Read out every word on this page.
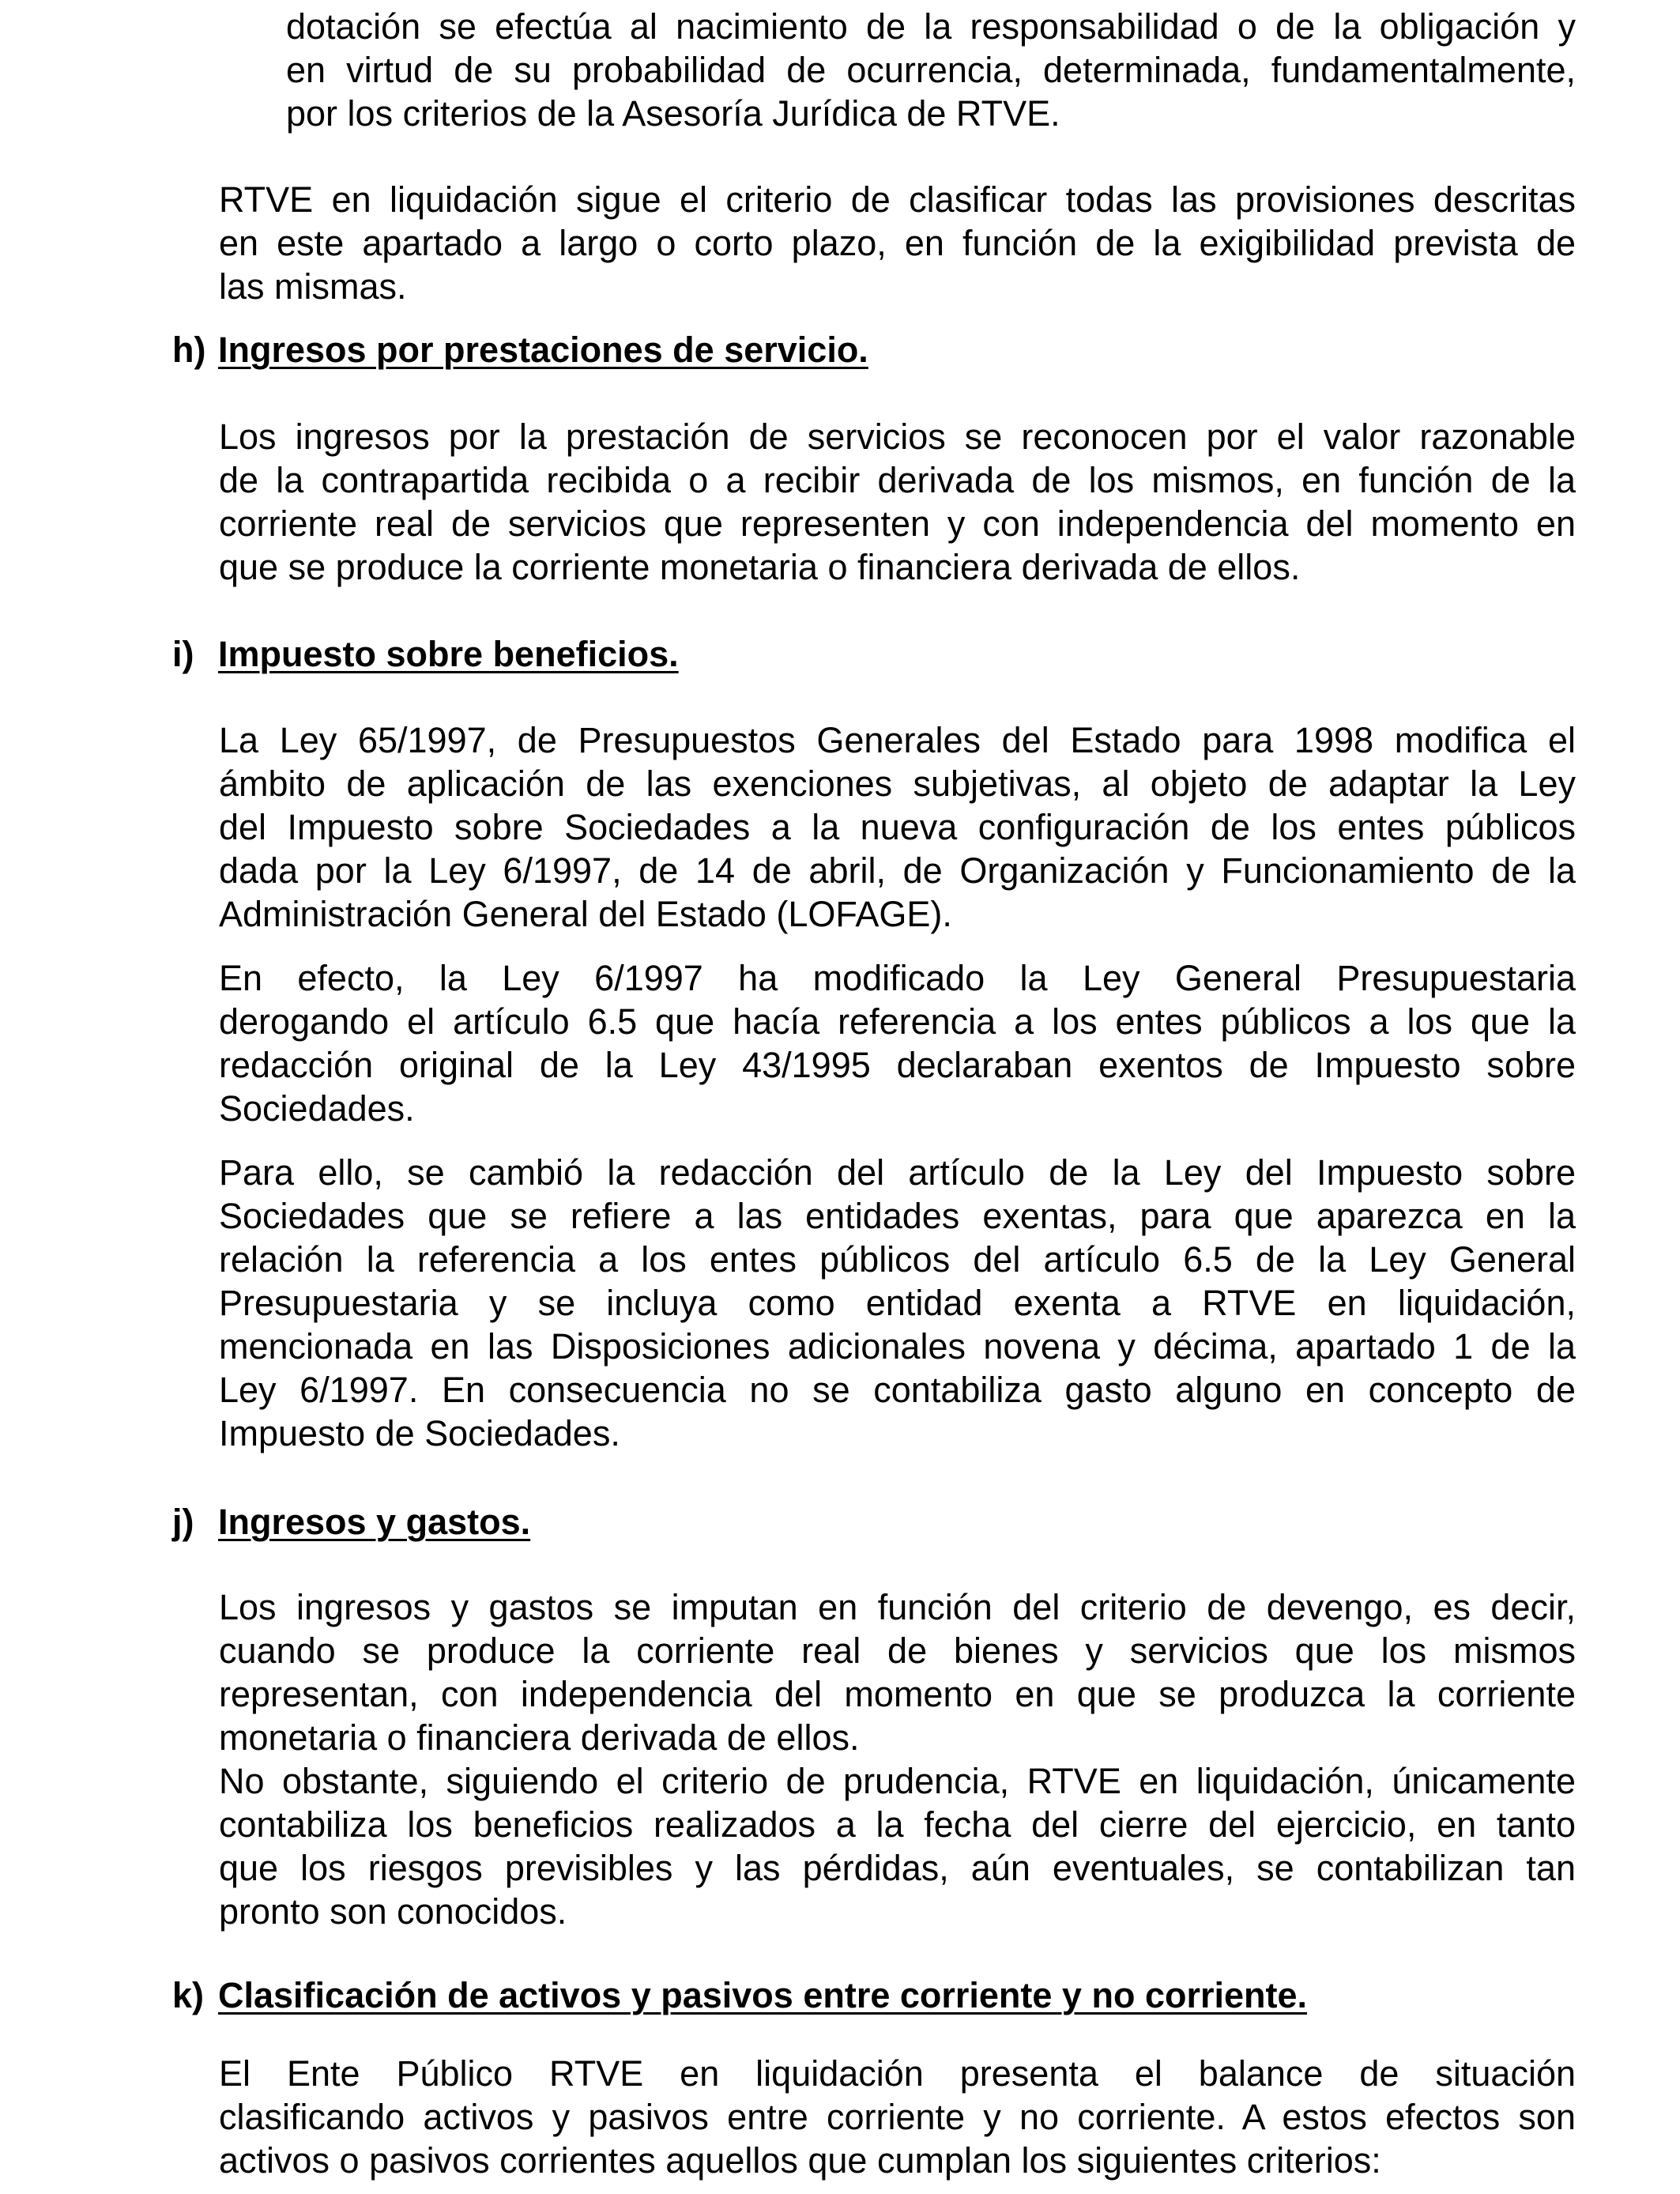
dotación se efectúa al nacimiento de la responsabilidad o de la obligación y
en virtud de su probabilidad de ocurrencia, determinada, fundamentalmente,
por los criterios de la Asesoría Jurídica de RTVE.
RTVE en liquidación sigue el criterio de clasificar todas las provisiones descritas
en este apartado a largo o corto plazo, en función de la exigibilidad prevista de
las mismas.
h) Ingresos por prestaciones de servicio.
Los ingresos por la prestación de servicios se reconocen por el valor razonable
de la contrapartida recibida o a recibir derivada de los mismos, en función de la
corriente real de servicios que representen y con independencia del momento en
que se produce la corriente monetaria o financiera derivada de ellos.
i) Impuesto sobre beneficios.
La Ley 65/1997, de Presupuestos Generales del Estado para 1998 modifica el
ámbito de aplicación de las exenciones subjetivas, al objeto de adaptar la Ley
del Impuesto sobre Sociedades a la nueva configuración de los entes públicos
dada por la Ley 6/1997, de 14 de abril, de Organización y Funcionamiento de la
Administración General del Estado (LOFAGE).
En efecto, la Ley 6/1997 ha modificado la Ley General Presupuestaria
derogando el artículo 6.5 que hacía referencia a los entes públicos a los que la
redacción original de la Ley 43/1995 declaraban exentos de Impuesto sobre
Sociedades.
Para ello, se cambió la redacción del artículo de la Ley del Impuesto sobre
Sociedades que se refiere a las entidades exentas, para que aparezca en la
relación la referencia a los entes públicos del artículo 6.5 de la Ley General
Presupuestaria y se incluya como entidad exenta a RTVE en liquidación,
mencionada en las Disposiciones adicionales novena y décima, apartado 1 de la
Ley 6/1997. En consecuencia no se contabiliza gasto alguno en concepto de
Impuesto de Sociedades.
j) Ingresos y gastos.
Los ingresos y gastos se imputan en función del criterio de devengo, es decir,
cuando se produce la corriente real de bienes y servicios que los mismos
representan, con independencia del momento en que se produzca la corriente
monetaria o financiera derivada de ellos.
No obstante, siguiendo el criterio de prudencia, RTVE en liquidación, únicamente
contabiliza los beneficios realizados a la fecha del cierre del ejercicio, en tanto
que los riesgos previsibles y las pérdidas, aún eventuales, se contabilizan tan
pronto son conocidos.
k) Clasificación de activos y pasivos entre corriente y no corriente.
El Ente Público RTVE en liquidación presenta el balance de situación
clasificando activos y pasivos entre corriente y no corriente. A estos efectos son
activos o pasivos corrientes aquellos que cumplan los siguientes criterios:
